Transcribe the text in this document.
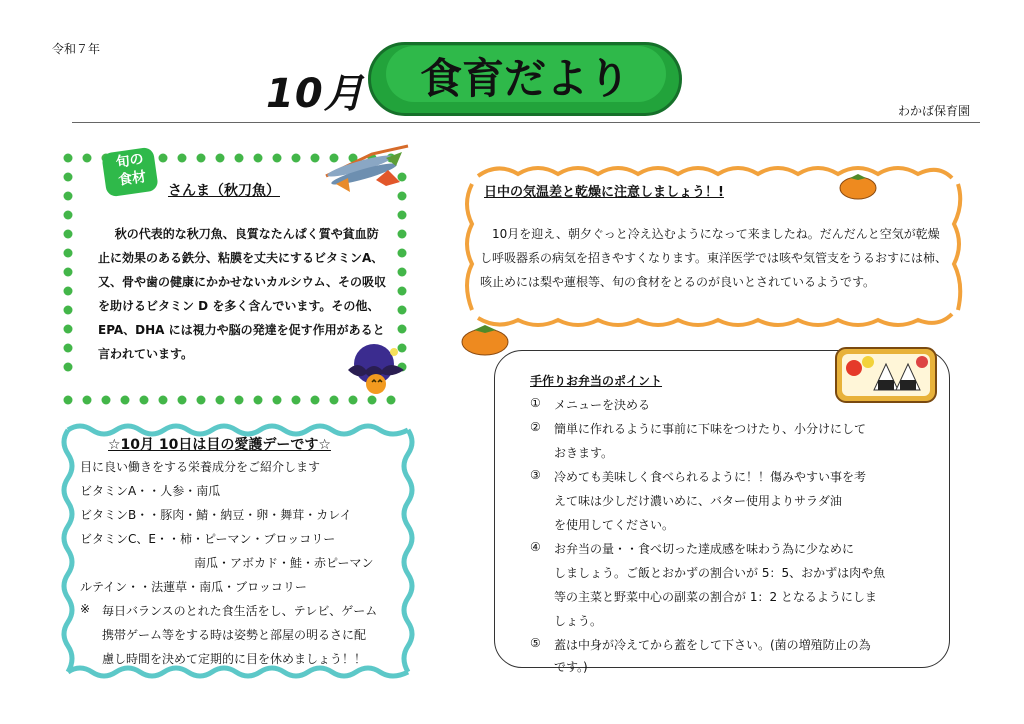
令和７年
10月	食育だより
わかば保育園
旬の
食材
さんま（秋刀魚）
秋の代表的な秋刀魚、良質なたんぱく質や貧血防止に効果のある鉄分、粘膜を丈夫にするビタミンA、又、骨や歯の健康にかかせないカルシウム、その吸収を助けるビタミン D を多く含んでいます。その他、EPA、DHA には視力や脳の発達を促す作用があると言われています。
☆10月 10日は目の愛護デーです☆
目に良い働きをする栄養成分をご紹介します
ビタミンA・・人参・南瓜
ビタミンB・・豚肉・鯖・納豆・卵・舞茸・カレイ
ビタミンC、E・・柿・ピーマン・ブロッコリー
南瓜・アボカド・鮭・赤ピーマン
ルテイン・・法蓮草・南瓜・ブロッコリー
※ 毎日バランスのとれた食生活をし、テレビ、ゲーム
携帯ゲーム等をする時は姿勢と部屋の明るさに配
慮し時間を決めて定期的に目を休めましょう！！
日中の気温差と乾燥に注意しましょう！!
10月を迎え、朝夕ぐっと冷え込むようになって来ましたね。だんだんと空気が乾燥し呼吸器系の病気を招きやすくなります。東洋医学では咳や気管支をうるおすには柿、咳止めには梨や蓮根等、旬の食材をとるのが良いとされているようです。
手作りお弁当のポイント
① メニューを決める
② 簡単に作れるように事前に下味をつけたり、小分けにして
おきます。
③ 冷めても美味しく食べられるように！！傷みやすい事を考
えて味は少しだけ濃いめに、バター使用よりサラダ油
を使用してください。
④ お弁当の量・・食べ切った達成感を味わう為に少なめに
しましょう。ご飯とおかずの割合いが 5：5、おかずは肉や魚
等の主菜と野菜中心の副菜の割合が 1：2 となるようにしま
しょう。
⑤ 蓋は中身が冷えてから蓋をして下さい。(菌の増殖防止の為
です。)
